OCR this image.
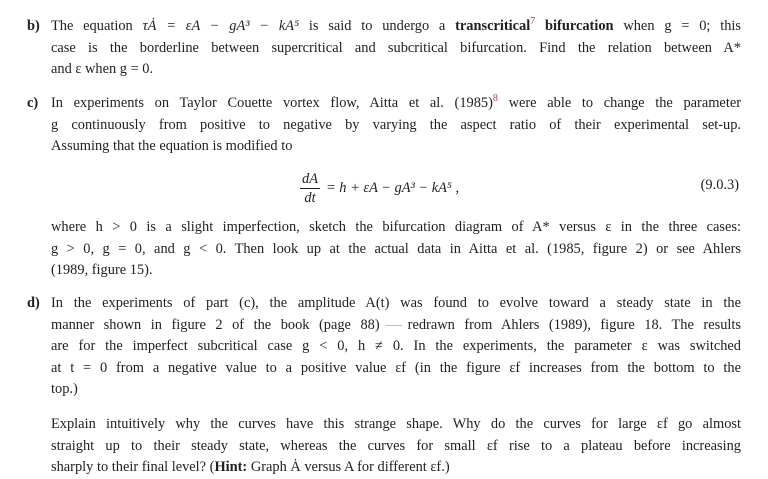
b) The equation τȦ = εA − gA³ − kA⁵ is said to undergo a transcritical$^7$ bifurcation when g = 0; this
case is the borderline between supercritical and subcritical bifurcation. Find the relation between A*
and ε when g = 0.
c) In experiments on Taylor Couette vortex flow, Aitta et al. (1985)$^8$ were able to change the parameter
g continuously from positive to negative by varying the aspect ratio of their experimental set-up.
Assuming that the equation is modified to
$\frac{dA}{dt} = h + \varepsilon A - gA^3 - kA^5$ ,	(9.0.3)
where h > 0 is a slight imperfection, sketch the bifurcation diagram of A* versus ε in the three cases:
g > 0, g = 0, and g < 0. Then look up at the actual data in Aitta et al. (1985, figure 2) or see Ahlers
(1989, figure 15).
d) In the experiments of part (c), the amplitude A(t) was found to evolve toward a steady state in the
manner shown in figure 2 of the book (page 88) redrawn from Ahlers (1989), figure 18. The results
are for the imperfect subcritical case g < 0, h ≠ 0. In the experiments, the parameter ε was switched
at t = 0 from a negative value to a positive value εf (in the figure εf increases from the bottom to the
top.)
Explain intuitively why the curves have this strange shape. Why do the curves for large εf go almost
straight up to their steady state, whereas the curves for small εf rise to a plateau before increasing
sharply to their final level? (Hint: Graph Ȧ versus A for different εf.)
